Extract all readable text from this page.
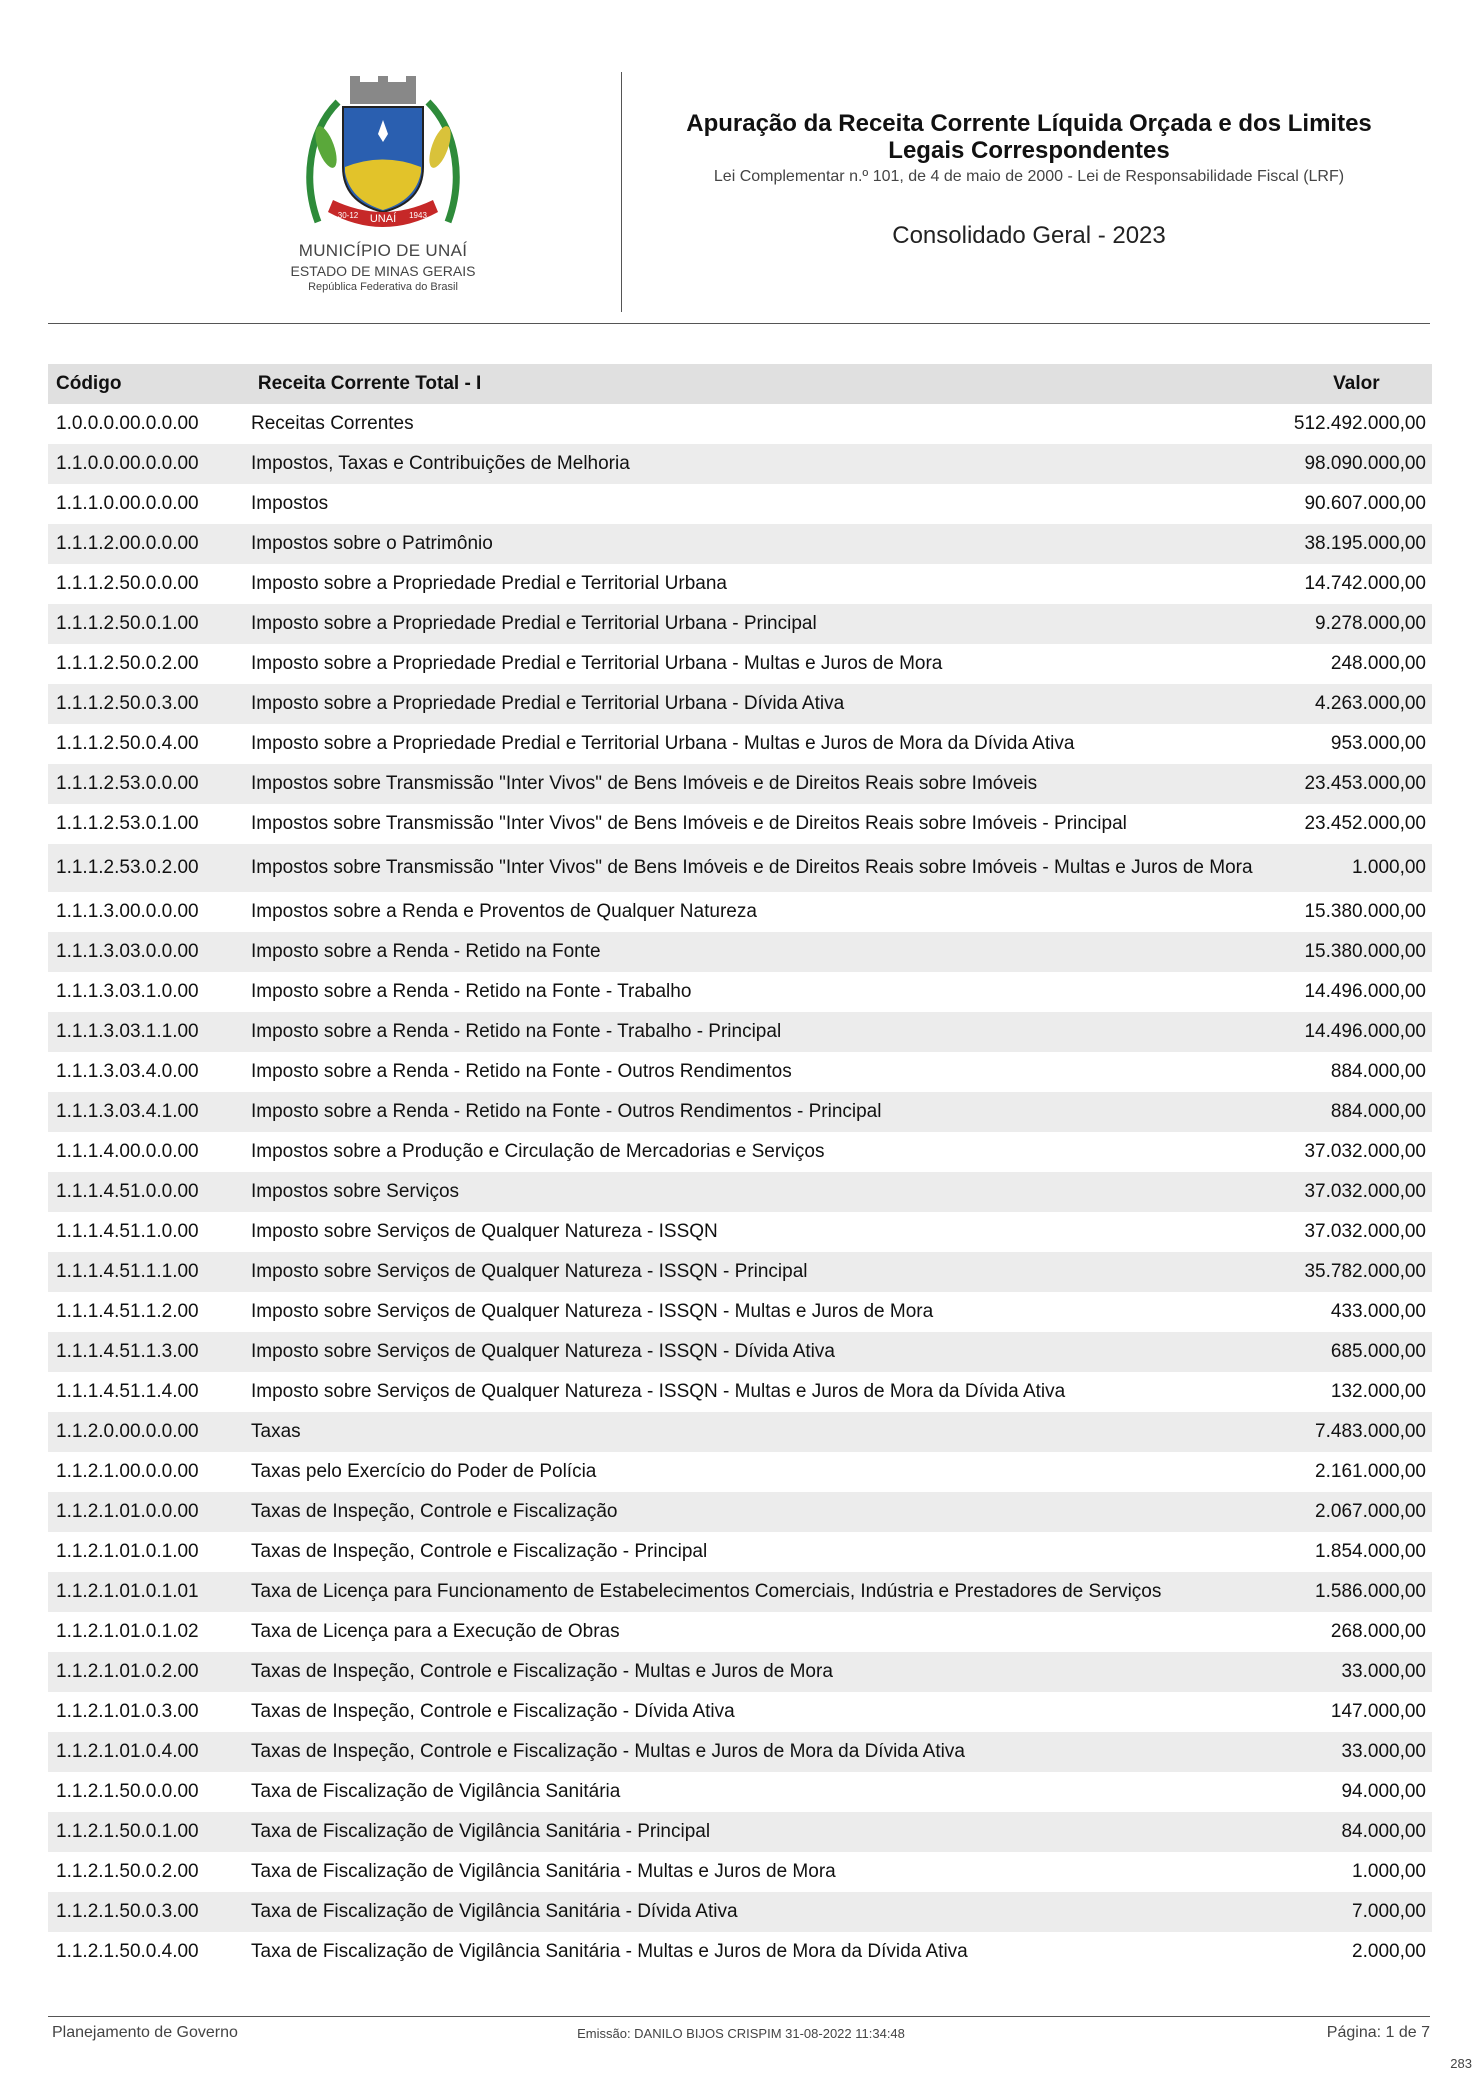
UNAÍ
30-12	1943
MUNICÍPIO DE UNAÍ
ESTADO DE MINAS GERAIS
República Federativa do Brasil
Apuração da Receita Corrente Líquida Orçada e dos Limites
Legais Correspondentes
Lei Complementar n.º 101, de 4 de maio de 2000 - Lei de Responsabilidade Fiscal (LRF)
Consolidado Geral - 2023
Código	Receita Corrente Total - I	Valor
1.0.0.0.00.0.0.00	Receitas Correntes	512.492.000,00
1.1.0.0.00.0.0.00	Impostos, Taxas e Contribuições de Melhoria	98.090.000,00
1.1.1.0.00.0.0.00	Impostos	90.607.000,00
1.1.1.2.00.0.0.00	Impostos sobre o Patrimônio	38.195.000,00
1.1.1.2.50.0.0.00	Imposto sobre a Propriedade Predial e Territorial Urbana	14.742.000,00
1.1.1.2.50.0.1.00	Imposto sobre a Propriedade Predial e Territorial Urbana - Principal	9.278.000,00
1.1.1.2.50.0.2.00	Imposto sobre a Propriedade Predial e Territorial Urbana - Multas e Juros de Mora	248.000,00
1.1.1.2.50.0.3.00	Imposto sobre a Propriedade Predial e Territorial Urbana - Dívida Ativa	4.263.000,00
1.1.1.2.50.0.4.00	Imposto sobre a Propriedade Predial e Territorial Urbana - Multas e Juros de Mora da Dívida Ativa	953.000,00
1.1.1.2.53.0.0.00	Impostos sobre Transmissão "Inter Vivos" de Bens Imóveis e de Direitos Reais sobre Imóveis	23.453.000,00
1.1.1.2.53.0.1.00	Impostos sobre Transmissão "Inter Vivos" de Bens Imóveis e de Direitos Reais sobre Imóveis - Principal	23.452.000,00
1.1.1.2.53.0.2.00	Impostos sobre Transmissão "Inter Vivos" de Bens Imóveis e de Direitos Reais sobre Imóveis - Multas e Juros de Mora	1.000,00
1.1.1.3.00.0.0.00	Impostos sobre a Renda e Proventos de Qualquer Natureza	15.380.000,00
1.1.1.3.03.0.0.00	Imposto sobre a Renda - Retido na Fonte	15.380.000,00
1.1.1.3.03.1.0.00	Imposto sobre a Renda - Retido na Fonte - Trabalho	14.496.000,00
1.1.1.3.03.1.1.00	Imposto sobre a Renda - Retido na Fonte - Trabalho - Principal	14.496.000,00
1.1.1.3.03.4.0.00	Imposto sobre a Renda - Retido na Fonte - Outros Rendimentos	884.000,00
1.1.1.3.03.4.1.00	Imposto sobre a Renda - Retido na Fonte - Outros Rendimentos - Principal	884.000,00
1.1.1.4.00.0.0.00	Impostos sobre a Produção e Circulação de Mercadorias e Serviços	37.032.000,00
1.1.1.4.51.0.0.00	Impostos sobre Serviços	37.032.000,00
1.1.1.4.51.1.0.00	Imposto sobre Serviços de Qualquer Natureza - ISSQN	37.032.000,00
1.1.1.4.51.1.1.00	Imposto sobre Serviços de Qualquer Natureza - ISSQN - Principal	35.782.000,00
1.1.1.4.51.1.2.00	Imposto sobre Serviços de Qualquer Natureza - ISSQN - Multas e Juros de Mora	433.000,00
1.1.1.4.51.1.3.00	Imposto sobre Serviços de Qualquer Natureza - ISSQN - Dívida Ativa	685.000,00
1.1.1.4.51.1.4.00	Imposto sobre Serviços de Qualquer Natureza - ISSQN - Multas e Juros de Mora da Dívida Ativa	132.000,00
1.1.2.0.00.0.0.00	Taxas	7.483.000,00
1.1.2.1.00.0.0.00	Taxas pelo Exercício do Poder de Polícia	2.161.000,00
1.1.2.1.01.0.0.00	Taxas de Inspeção, Controle e Fiscalização	2.067.000,00
1.1.2.1.01.0.1.00	Taxas de Inspeção, Controle e Fiscalização - Principal	1.854.000,00
1.1.2.1.01.0.1.01	Taxa de Licença para Funcionamento de Estabelecimentos Comerciais, Indústria e Prestadores de Serviços	1.586.000,00
1.1.2.1.01.0.1.02	Taxa de Licença para a Execução de Obras	268.000,00
1.1.2.1.01.0.2.00	Taxas de Inspeção, Controle e Fiscalização - Multas e Juros de Mora	33.000,00
1.1.2.1.01.0.3.00	Taxas de Inspeção, Controle e Fiscalização - Dívida Ativa	147.000,00
1.1.2.1.01.0.4.00	Taxas de Inspeção, Controle e Fiscalização - Multas e Juros de Mora da Dívida Ativa	33.000,00
1.1.2.1.50.0.0.00	Taxa de Fiscalização de Vigilância Sanitária	94.000,00
1.1.2.1.50.0.1.00	Taxa de Fiscalização de Vigilância Sanitária - Principal	84.000,00
1.1.2.1.50.0.2.00	Taxa de Fiscalização de Vigilância Sanitária - Multas e Juros de Mora	1.000,00
1.1.2.1.50.0.3.00	Taxa de Fiscalização de Vigilância Sanitária - Dívida Ativa	7.000,00
1.1.2.1.50.0.4.00	Taxa de Fiscalização de Vigilância Sanitária - Multas e Juros de Mora da Dívida Ativa	2.000,00
Planejamento de Governo	Emissão: DANILO BIJOS CRISPIM 31-08-2022 11:34:48	Página: 1 de 7
283
